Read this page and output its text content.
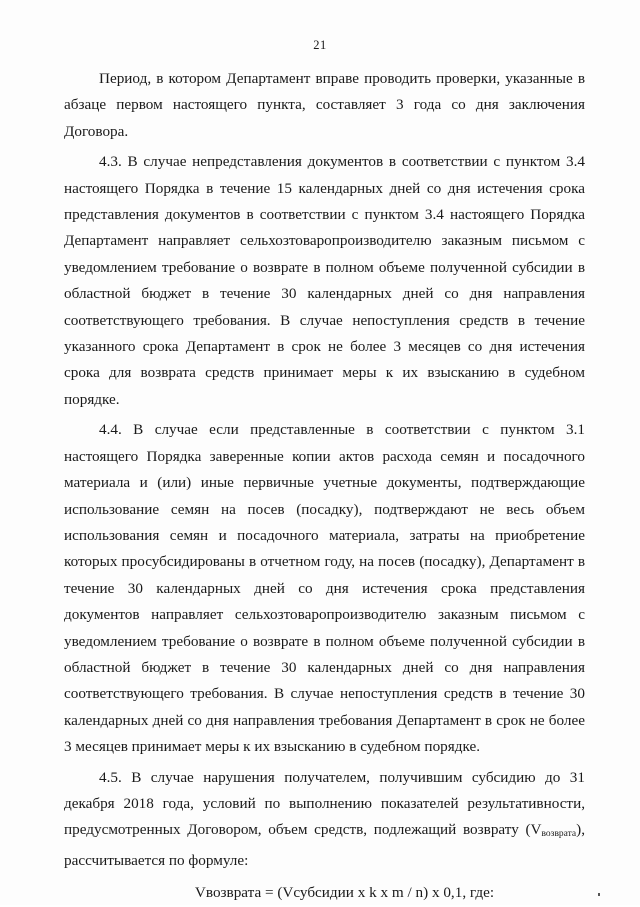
21

Период, в котором Департамент вправе проводить проверки, указанные в абзаце первом настоящего пункта, составляет 3 года со дня заключения Договора.

4.3. В случае непредставления документов в соответствии с пунктом 3.4 настоящего Порядка в течение 15 календарных дней со дня истечения срока представления документов в соответствии с пунктом 3.4 настоящего Порядка Департамент направляет сельхозтоваропроизводителю заказным письмом с уведомлением требование о возврате в полном объеме полученной субсидии в областной бюджет в течение 30 календарных дней со дня направления соответствующего требования. В случае непоступления средств в течение указанного срока Департамент в срок не более 3 месяцев со дня истечения срока для возврата средств принимает меры к их взысканию в судебном порядке.

4.4. В случае если представленные в соответствии с пунктом 3.1 настоящего Порядка заверенные копии актов расхода семян и посадочного материала и (или) иные первичные учетные документы, подтверждающие использование семян на посев (посадку), подтверждают не весь объем использования семян и посадочного материала, затраты на приобретение которых просубсидированы в отчетном году, на посев (посадку), Департамент в течение 30 календарных дней со дня истечения срока представления документов направляет сельхозтоваропроизводителю заказным письмом с уведомлением требование о возврате в полном объеме полученной субсидии в областной бюджет в течение 30 календарных дней со дня направления соответствующего требования. В случае непоступления средств в течение 30 календарных дней со дня направления требования Департамент в срок не более 3 месяцев принимает меры к их взысканию в судебном порядке.

4.5. В случае нарушения получателем, получившим субсидию до 31 декабря 2018 года, условий по выполнению показателей результативности, предусмотренных Договором, объем средств, подлежащий возврату $(V_{возврата})$, рассчитывается по формуле:

Vвозврата = (Vсубсидии x k x m / n) x 0,1, где:
